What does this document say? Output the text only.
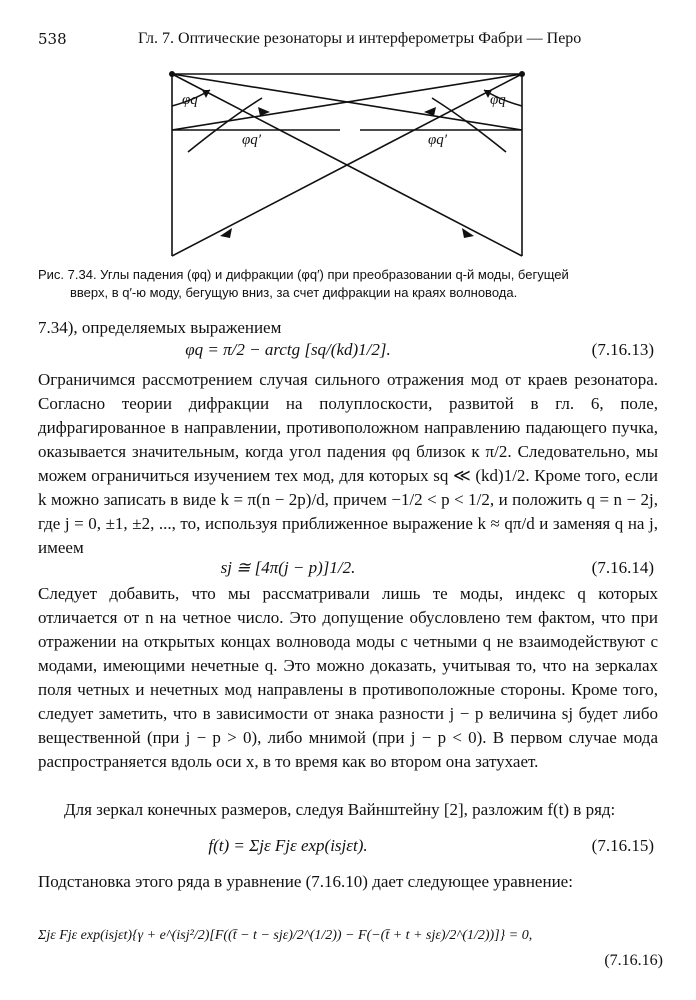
538	Гл. 7. Оптические резонаторы и интерферометры Фабри — Перо
φq	φq
φq′	φq′
Рис. 7.34. Углы падения (φq) и дифракции (φq′) при преобразовании q-й моды, бегущей
вверх, в q′-ю моду, бегущую вниз, за счет дифракции на краях волновода.

7.34), определяемых выражением

φq = π/2 − arctg [sq/(kd)1/2].	(7.16.13)

Ограничимся рассмотрением случая сильного отражения мод от краев резонатора. Согласно теории дифракции на полуплоскости, развитой в гл. 6, поле, дифрагированное в направлении, противоположном направлению падающего пучка, оказывается значительным, когда угол падения φq близок к π/2. Следовательно, мы можем ограничиться изучением тех мод, для которых sq ≪ (kd)1/2. Кроме того, если k можно записать в виде k = π(n − 2p)/d, причем −1/2 < p < 1/2, и положить q = n − 2j, где j = 0, ±1, ±2, ..., то, используя приближенное выражение k ≈ qπ/d и заменяя q на j, имеем

sj ≅ [4π(j − p)]1/2.	(7.16.14)

Следует добавить, что мы рассматривали лишь те моды, индекс q которых отличается от n на четное число. Это допущение обусловлено тем фактом, что при отражении на открытых концах волновода моды с четными q не взаимодействуют с модами, имеющими нечетные q. Это можно доказать, учитывая то, что на зеркалах поля четных и нечетных мод направлены в противоположные стороны. Кроме того, следует заметить, что в зависимости от знака разности j − p величина sj будет либо вещественной (при j − p > 0), либо мнимой (при j − p < 0). В первом случае мода распространяется вдоль оси x, в то время как во втором она затухает.

Для зеркал конечных размеров, следуя Вайнштейну [2], разложим f(t) в ряд:

f(t) = Σjε Fjε exp(isjεt).	(7.16.15)

Подстановка этого ряда в уравнение (7.16.10) дает следующее уравнение:

Σjε Fjε exp(isjεt){γ + e^(isj²/2)[F((t̄ − t − sjε)/2^(1/2)) − F(−(t̄ + t + sjε)/2^(1/2))]} = 0,
(7.16.16)
